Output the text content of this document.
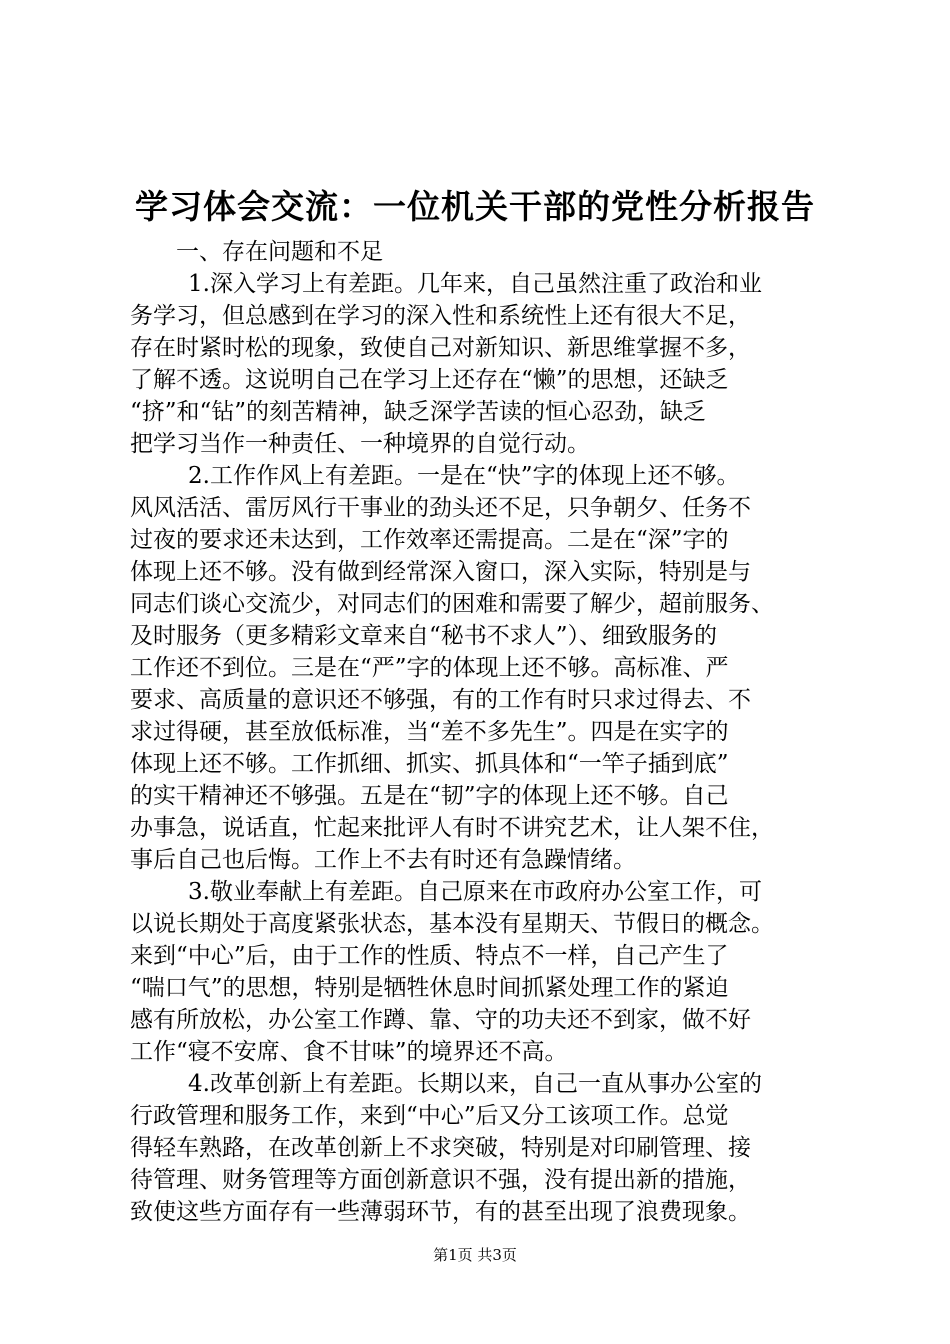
学习体会交流：一位机关干部的党性分析报告
一、存在问题和不足
1.深入学习上有差距。几年来，自己虽然注重了政治和业
务学习，但总感到在学习的深入性和系统性上还有很大不足，
存在时紧时松的现象，致使自己对新知识、新思维掌握不多，
了解不透。这说明自己在学习上还存在“懒”的思想，还缺乏
“挤”和“钻”的刻苦精神，缺乏深学苦读的恒心忍劲，缺乏
把学习当作一种责任、一种境界的自觉行动。
2.工作作风上有差距。一是在“快”字的体现上还不够。
风风活活、雷厉风行干事业的劲头还不足，只争朝夕、任务不
过夜的要求还未达到，工作效率还需提高。二是在“深”字的
体现上还不够。没有做到经常深入窗口，深入实际，特别是与
同志们谈心交流少，对同志们的困难和需要了解少，超前服务、
及时服务（更多精彩文章来自“秘书不求人”）、细致服务的
工作还不到位。三是在“严”字的体现上还不够。高标准、严
要求、高质量的意识还不够强，有的工作有时只求过得去、不
求过得硬，甚至放低标准，当“差不多先生”。四是在实字的
体现上还不够。工作抓细、抓实、抓具体和“一竿子插到底”
的实干精神还不够强。五是在“韧”字的体现上还不够。自己
办事急，说话直，忙起来批评人有时不讲究艺术，让人架不住，
事后自己也后悔。工作上不去有时还有急躁情绪。
3.敬业奉献上有差距。自己原来在市政府办公室工作，可
以说长期处于高度紧张状态，基本没有星期天、节假日的概念。
来到“中心”后，由于工作的性质、特点不一样，自己产生了
“喘口气”的思想，特别是牺牲休息时间抓紧处理工作的紧迫
感有所放松，办公室工作蹲、靠、守的功夫还不到家，做不好
工作“寝不安席、食不甘味”的境界还不高。
4.改革创新上有差距。长期以来，自己一直从事办公室的
行政管理和服务工作，来到“中心”后又分工该项工作。总觉
得轻车熟路，在改革创新上不求突破，特别是对印刷管理、接
待管理、财务管理等方面创新意识不强，没有提出新的措施，
致使这些方面存有一些薄弱环节，有的甚至出现了浪费现象。
第1页 共3页
